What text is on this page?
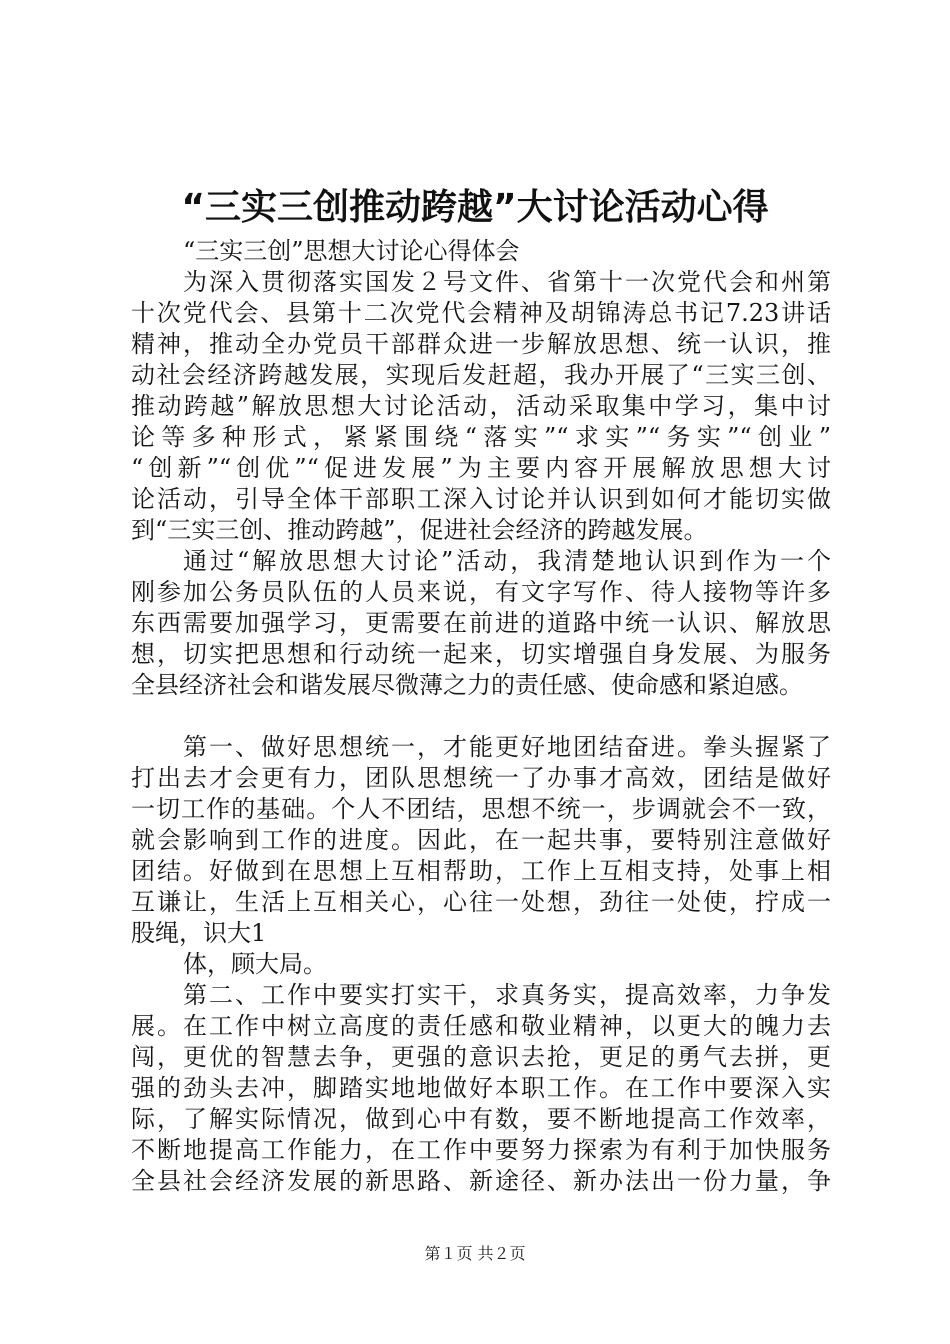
“三实三创推动跨越”大讨论活动心得
“三实三创”思想大讨论心得体会
为深入贯彻落实国发２号文件、省第十一次党代会和州第
十次党代会、县第十二次党代会精神及胡锦涛总书记7.23讲话
精神，推动全办党员干部群众进一步解放思想、统一认识，推
动社会经济跨越发展，实现后发赶超，我办开展了“三实三创、
推动跨越”解放思想大讨论活动，活动采取集中学习，集中讨
论等多种形式，紧紧围绕“落实”“求实”“务实”“创业”
“创新”“创优”“促进发展”为主要内容开展解放思想大讨
论活动，引导全体干部职工深入讨论并认识到如何才能切实做
到“三实三创、推动跨越”，促进社会经济的跨越发展。
通过“解放思想大讨论”活动，我清楚地认识到作为一个
刚参加公务员队伍的人员来说，有文字写作、待人接物等许多
东西需要加强学习，更需要在前进的道路中统一认识、解放思
想，切实把思想和行动统一起来，切实增强自身发展、为服务
全县经济社会和谐发展尽微薄之力的责任感、使命感和紧迫感。
第一、做好思想统一，才能更好地团结奋进。拳头握紧了
打出去才会更有力，团队思想统一了办事才高效，团结是做好
一切工作的基础。个人不团结，思想不统一，步调就会不一致，
就会影响到工作的进度。因此，在一起共事，要特别注意做好
团结。好做到在思想上互相帮助，工作上互相支持，处事上相
互谦让，生活上互相关心，心往一处想，劲往一处使，拧成一
股绳，识大1
体，顾大局。
第二、工作中要实打实干，求真务实，提高效率，力争发
展。在工作中树立高度的责任感和敬业精神，以更大的魄力去
闯，更优的智慧去争，更强的意识去抢，更足的勇气去拼，更
强的劲头去冲，脚踏实地地做好本职工作。在工作中要深入实
际，了解实际情况，做到心中有数，要不断地提高工作效率，
不断地提高工作能力，在工作中要努力探索为有利于加快服务
全县社会经济发展的新思路、新途径、新办法出一份力量，争
第１页 共２页
